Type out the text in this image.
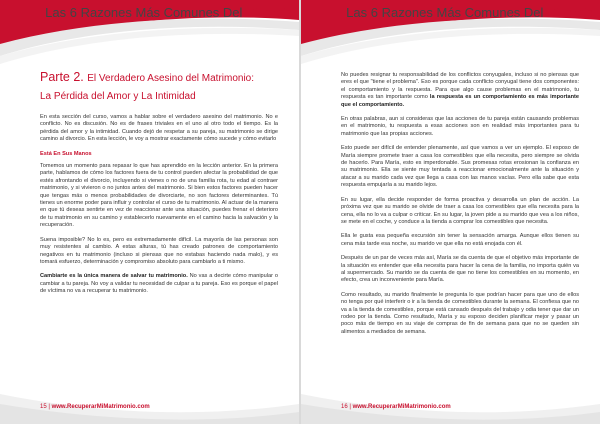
Las 6 Razones Más Comunes Del Divorcio
Parte 2. El Verdadero Asesino del Matrimonio:
La Pérdida del Amor y La Intimidad

En esta sección del curso, vamos a hablar sobre el verdadero asesino del matrimonio. No e conflicto. No es discusión. No es de frases triviales en el uno al otro todo el tiempo. Es la pérdida del amor y la intimidad. Cuando dejó de respetar a su pareja, su matrimonio se dirige camino al divorcio. En esta lección, le voy a mostrar exactamente cómo sucede y cómo evitarlo

Está En Sus Manos

Tomemos un momento para repasar lo que has aprendido en la lección anterior. En la primera parte, hablamos de cómo los factores fuera de tu control pueden afectar la probabilidad de que estés afrontando el divorcio, incluyendo si vienes o no de una familia rota, tu edad al contraer matrimonio, y si vivieron o no juntos antes del matrimonio. Si bien estos factores pueden hacer que tengas más o menos probabilidades de divorciarte, no son factores determinantes. Tú tienes un enorme poder para influir y controlar el curso de tu matrimonio. Al actuar de la manera en que tú deseas sentirte en vez de reaccionar ante una situación, puedes frenar el deterioro de tu matrimonio en su camino y establecerlo nuevamente en el camino hacia la salvación y la recuperación.

Suena imposible? No lo es, pero es extremadamente difícil. La mayoría de las personas son muy resistentes al cambio. A estas alturas, tú has creado patrones de comportamiento negativos en tu matrimonio (incluso si piensas que no estabas haciendo nada malo), y es tomará esfuerzo, determinación y compromiso absoluto para cambiarlo a ti mismo.

Cambiarte es la única manera de salvar tu matrimonio. No vas a decirte cómo manipular o cambiar a tu pareja. No voy a validar tu necesidad de culpar a tu pareja. Eso es porque el papel de víctima no va a recuperar tu matrimonio.

15 | www.RecuperarMiMatrimonio.com
Las 6 Razones Más Comunes Del Divorcio

No puedes resignar tu responsabilidad de los conflictos conyugales, incluso si no piensas que eres el que "tiene el problema". Eso es porque cada conflicto conyugal tiene dos componentes: el comportamiento y la respuesta. Para que algo cause problemas en el matrimonio, tu respuesta es tan importante como la respuesta es un comportamiento es más importante que el comportamiento.

En otras palabras, aun si consideras que las acciones de tu pareja están causando problemas en el matrimonio, tu respuesta a esas acciones son en realidad más importantes para tu matrimonio que las propias acciones.

Esto puede ser difícil de entender plenamente, así que vamos a ver un ejemplo. El esposo de María siempre promete traer a casa los comestibles que ella necesita, pero siempre se olvida de hacerlo. Para María, esto es imperdonable. Sus promesas rotas erosionan la confianza en su matrimonio. Ella se siente muy tentada a reaccionar emocionalmente ante la situación y atacar a su marido cada vez que llega a casa con las manos vacías. Pero ella sabe que esta respuesta empujaría a su marido lejos.

En su lugar, ella decide responder de forma proactiva y desarrolla un plan de acción. La próxima vez que su marido se olvide de traer a casa los comestibles que ella necesita para la cena, ella no lo va a culpar o criticar. En su lugar, la joven pide a su marido que vea a los niños, se mete en el coche, y conduce a la tienda a comprar los comestibles que necesita.

Ella le gusta esa pequeña excursión sin tener la sensación amarga. Aunque ellos tienen su cena más tarde esa noche, su marido ve que ella no está enojada con él.

Después de un par de veces más así, María se da cuenta de que el objetivo más importante de la situación es entender que ella necesita para hacer la cena de la familia, no importa quién va al supermercado. Su marido se da cuenta de que no tiene los comestibles en su momento, en efecto, crea un inconveniente para María.

Como resultado, su marido finalmente le pregunta lo que podrían hacer para que uno de ellos no tenga por qué interferir o ir a la tienda de comestibles durante la semana. El confiesa que no va a la tienda de comestibles, porque está cansado después del trabajo y odia tener que dar un rodeo por la tienda. Como resultado, María y su esposo deciden planificar mejor y pasar un poco más de tiempo en su viaje de compras de fin de semana para que no se queden sin alimentos a mediados de semana.

16 | www.RecuperarMiMatrimonio.com
